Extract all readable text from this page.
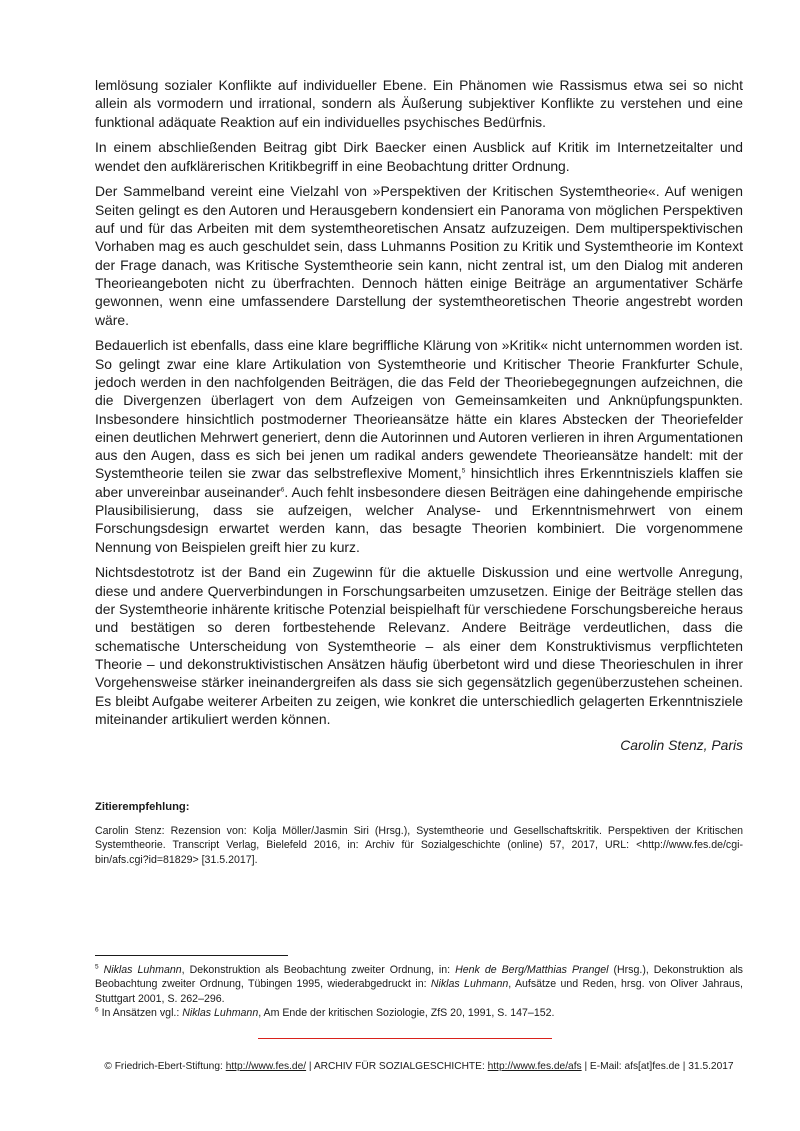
lemlösung sozialer Konflikte auf individueller Ebene. Ein Phänomen wie Rassismus etwa sei so nicht allein als vormodern und irrational, sondern als Äußerung subjektiver Konflikte zu verstehen und eine funktional adäquate Reaktion auf ein individuelles psychisches Bedürfnis.

In einem abschließenden Beitrag gibt Dirk Baecker einen Ausblick auf Kritik im Internetzeitalter und wendet den aufklärerischen Kritikbegriff in eine Beobachtung dritter Ordnung.

Der Sammelband vereint eine Vielzahl von »Perspektiven der Kritischen Systemtheorie«. Auf wenigen Seiten gelingt es den Autoren und Herausgebern kondensiert ein Panorama von möglichen Perspektiven auf und für das Arbeiten mit dem systemtheoretischen Ansatz aufzuzeigen. Dem multiperspektivischen Vorhaben mag es auch geschuldet sein, dass Luhmanns Position zu Kritik und Systemtheorie im Kontext der Frage danach, was Kritische Systemtheorie sein kann, nicht zentral ist, um den Dialog mit anderen Theorieangeboten nicht zu überfrachten. Dennoch hätten einige Beiträge an argumentativer Schärfe gewonnen, wenn eine umfassendere Darstellung der systemtheoretischen Theorie angestrebt worden wäre.

Bedauerlich ist ebenfalls, dass eine klare begriffliche Klärung von »Kritik« nicht unternommen worden ist. So gelingt zwar eine klare Artikulation von Systemtheorie und Kritischer Theorie Frankfurter Schule, jedoch werden in den nachfolgenden Beiträgen, die das Feld der Theoriebegegnungen aufzeichnen, die die Divergenzen überlagert von dem Aufzeigen von Gemeinsamkeiten und Anknüpfungspunkten. Insbesondere hinsichtlich postmoderner Theorieansätze hätte ein klares Abstecken der Theoriefelder einen deutlichen Mehrwert generiert, denn die Autorinnen und Autoren verlieren in ihren Argumentationen aus den Augen, dass es sich bei jenen um radikal anders gewendete Theorieansätze handelt: mit der Systemtheorie teilen sie zwar das selbstreflexive Moment,$^5$ hinsichtlich ihres Erkenntnisziels klaffen sie aber unvereinbar auseinander$^6$. Auch fehlt insbesondere diesen Beiträgen eine dahingehende empirische Plausibilisierung, dass sie aufzeigen, welcher Analyse- und Erkenntnismehrwert von einem Forschungsdesign erwartet werden kann, das besagte Theorien kombiniert. Die vorgenommene Nennung von Beispielen greift hier zu kurz.

Nichtsdestotrotz ist der Band ein Zugewinn für die aktuelle Diskussion und eine wertvolle Anregung, diese und andere Querverbindungen in Forschungsarbeiten umzusetzen. Einige der Beiträge stellen das der Systemtheorie inhärente kritische Potenzial beispielhaft für verschiedene Forschungsbereiche heraus und bestätigen so deren fortbestehende Relevanz. Andere Beiträge verdeutlichen, dass die schematische Unterscheidung von Systemtheorie – als einer dem Konstruktivismus verpflichteten Theorie – und dekonstruktivistischen Ansätzen häufig überbetont wird und diese Theorieschulen in ihrer Vorgehensweise stärker ineinandergreifen als dass sie sich gegensätzlich gegenüberzustehen scheinen. Es bleibt Aufgabe weiterer Arbeiten zu zeigen, wie konkret die unterschiedlich gelagerten Erkenntnisziele miteinander artikuliert werden können.

Carolin Stenz, Paris
Zitierempfehlung:

Carolin Stenz: Rezension von: Kolja Möller/Jasmin Siri (Hrsg.), Systemtheorie und Gesellschaftskritik. Perspektiven der Kritischen Systemtheorie. Transcript Verlag, Bielefeld 2016, in: Archiv für Sozialgeschichte (online) 57, 2017, URL: <http://www.fes.de/cgi-bin/afs.cgi?id=81829> [31.5.2017].

$^5$ Niklas Luhmann, Dekonstruktion als Beobachtung zweiter Ordnung, in: Henk de Berg/Matthias Prangel (Hrsg.), Dekonstruktion als Beobachtung zweiter Ordnung, Tübingen 1995, wiederabgedruckt in: Niklas Luhmann, Aufsätze und Reden, hrsg. von Oliver Jahraus, Stuttgart 2001, S. 262–296.

$^6$ In Ansätzen vgl.: Niklas Luhmann, Am Ende der kritischen Soziologie, ZfS 20, 1991, S. 147–152.

© Friedrich-Ebert-Stiftung: http://www.fes.de/ | ARCHIV FÜR SOZIALGESCHICHTE: http://www.fes.de/afs | E-Mail: afs[at]fes.de | 31.5.2017
